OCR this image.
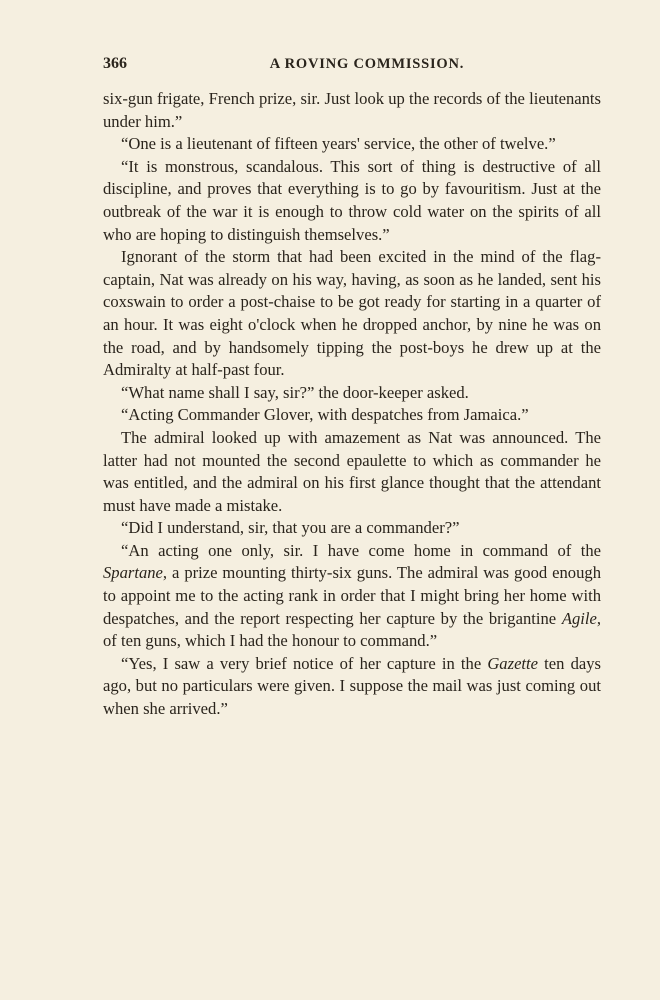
366	A ROVING COMMISSION.

six-gun frigate, French prize, sir. Just look up the records of the lieutenants under him.”

“One is a lieutenant of fifteen years' service, the other of twelve.”

“It is monstrous, scandalous. This sort of thing is destructive of all discipline, and proves that everything is to go by favouritism. Just at the outbreak of the war it is enough to throw cold water on the spirits of all who are hoping to distinguish themselves.”

Ignorant of the storm that had been excited in the mind of the flag-captain, Nat was already on his way, having, as soon as he landed, sent his coxswain to order a post-chaise to be got ready for starting in a quarter of an hour. It was eight o'clock when he dropped anchor, by nine he was on the road, and by handsomely tipping the post-boys he drew up at the Admiralty at half-past four.

“What name shall I say, sir?” the door-keeper asked.

“Acting Commander Glover, with despatches from Jamaica.”

The admiral looked up with amazement as Nat was announced. The latter had not mounted the second epaulette to which as commander he was entitled, and the admiral on his first glance thought that the attendant must have made a mistake.

“Did I understand, sir, that you are a commander?”

“An acting one only, sir. I have come home in command of the Spartane, a prize mounting thirty-six guns. The admiral was good enough to appoint me to the acting rank in order that I might bring her home with despatches, and the report respecting her capture by the brigantine Agile, of ten guns, which I had the honour to command.”

“Yes, I saw a very brief notice of her capture in the Gazette ten days ago, but no particulars were given. I suppose the mail was just coming out when she arrived.”
